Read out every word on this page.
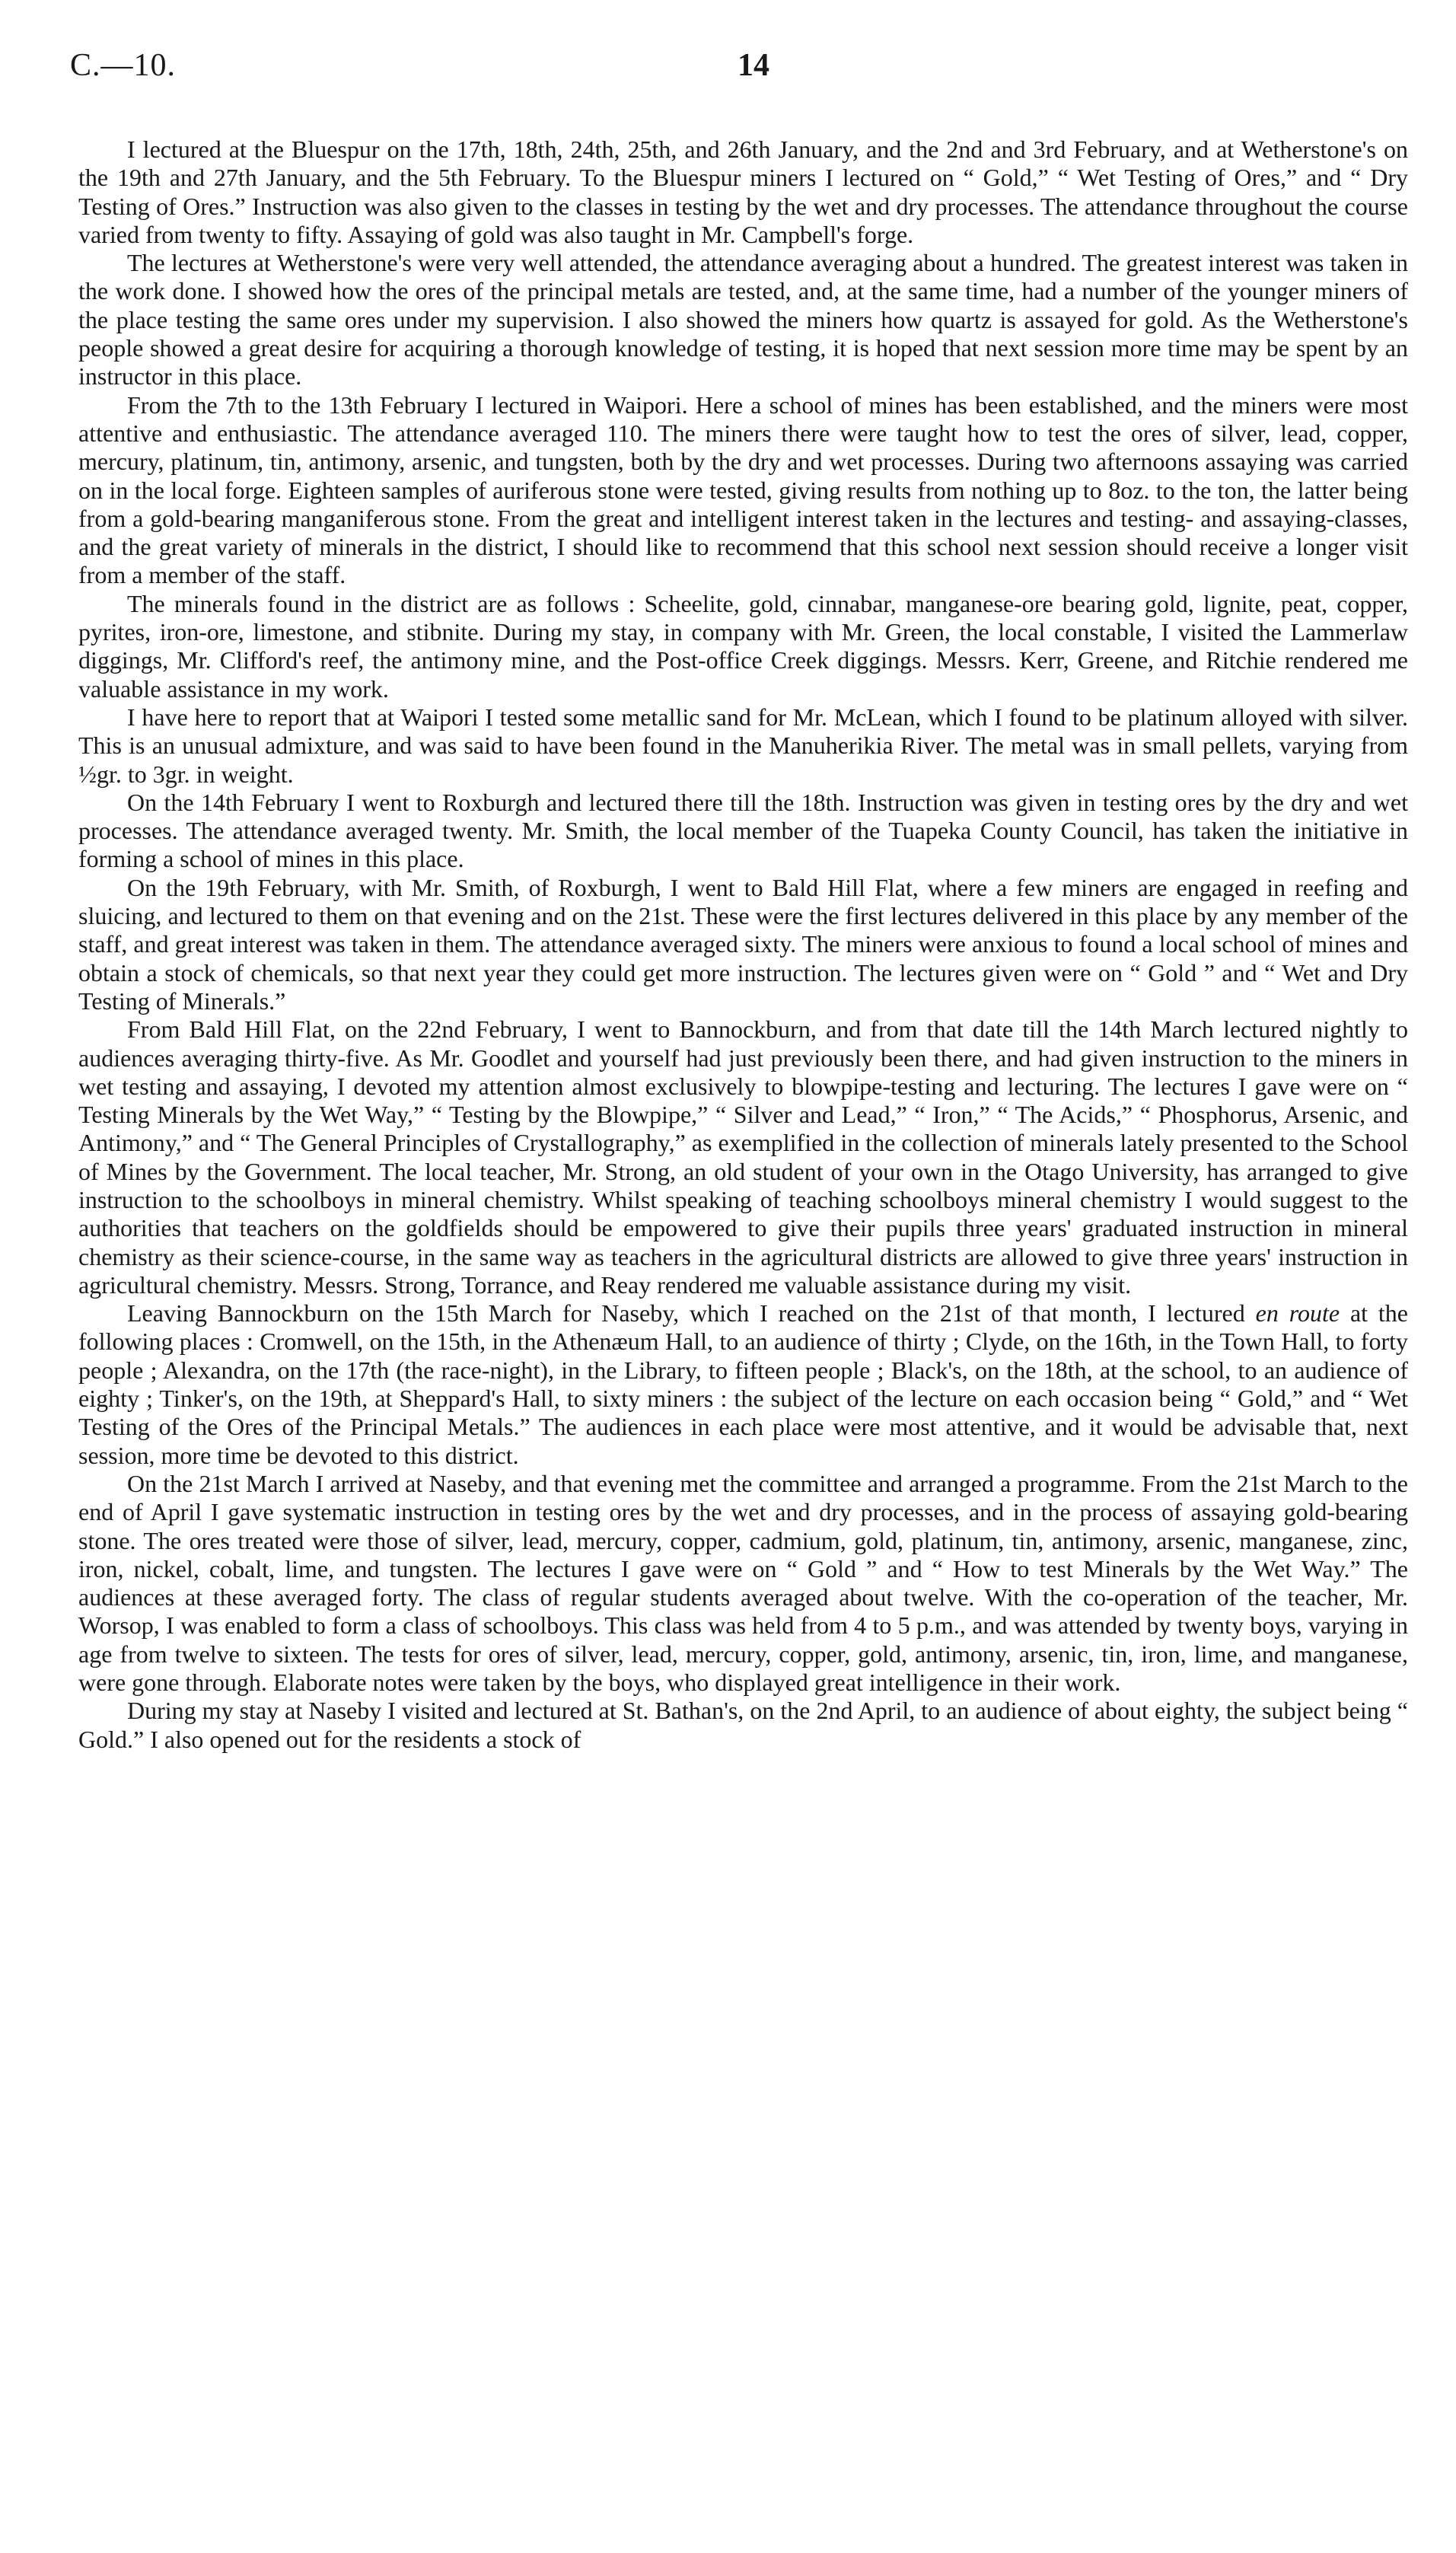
C.—10.	14

I lectured at the Bluespur on the 17th, 18th, 24th, 25th, and 26th January, and the 2nd and 3rd February, and at Wetherstone's on the 19th and 27th January, and the 5th February. To the Bluespur miners I lectured on “ Gold,” “ Wet Testing of Ores,” and “ Dry Testing of Ores.” Instruction was also given to the classes in testing by the wet and dry processes. The attendance throughout the course varied from twenty to fifty. Assaying of gold was also taught in Mr. Campbell's forge.

The lectures at Wetherstone's were very well attended, the attendance averaging about a hundred. The greatest interest was taken in the work done. I showed how the ores of the principal metals are tested, and, at the same time, had a number of the younger miners of the place testing the same ores under my supervision. I also showed the miners how quartz is assayed for gold. As the Wetherstone's people showed a great desire for acquiring a thorough knowledge of testing, it is hoped that next session more time may be spent by an instructor in this place.

From the 7th to the 13th February I lectured in Waipori. Here a school of mines has been established, and the miners were most attentive and enthusiastic. The attendance averaged 110. The miners there were taught how to test the ores of silver, lead, copper, mercury, platinum, tin, antimony, arsenic, and tungsten, both by the dry and wet processes. During two afternoons assaying was carried on in the local forge. Eighteen samples of auriferous stone were tested, giving results from nothing up to 8oz. to the ton, the latter being from a gold-bearing manganiferous stone. From the great and intelligent interest taken in the lectures and testing- and assaying-classes, and the great variety of minerals in the district, I should like to recommend that this school next session should receive a longer visit from a member of the staff.

The minerals found in the district are as follows : Scheelite, gold, cinnabar, manganese-ore bearing gold, lignite, peat, copper, pyrites, iron-ore, limestone, and stibnite. During my stay, in company with Mr. Green, the local constable, I visited the Lammerlaw diggings, Mr. Clifford's reef, the antimony mine, and the Post-office Creek diggings. Messrs. Kerr, Greene, and Ritchie rendered me valuable assistance in my work.

I have here to report that at Waipori I tested some metallic sand for Mr. McLean, which I found to be platinum alloyed with silver. This is an unusual admixture, and was said to have been found in the Manuherikia River. The metal was in small pellets, varying from ½gr. to 3gr. in weight.

On the 14th February I went to Roxburgh and lectured there till the 18th. Instruction was given in testing ores by the dry and wet processes. The attendance averaged twenty. Mr. Smith, the local member of the Tuapeka County Council, has taken the initiative in forming a school of mines in this place.

On the 19th February, with Mr. Smith, of Roxburgh, I went to Bald Hill Flat, where a few miners are engaged in reefing and sluicing, and lectured to them on that evening and on the 21st. These were the first lectures delivered in this place by any member of the staff, and great interest was taken in them. The attendance averaged sixty. The miners were anxious to found a local school of mines and obtain a stock of chemicals, so that next year they could get more instruction. The lectures given were on “ Gold ” and “ Wet and Dry Testing of Minerals.”

From Bald Hill Flat, on the 22nd February, I went to Bannockburn, and from that date till the 14th March lectured nightly to audiences averaging thirty-five. As Mr. Goodlet and yourself had just previously been there, and had given instruction to the miners in wet testing and assaying, I devoted my attention almost exclusively to blowpipe-testing and lecturing. The lectures I gave were on “ Testing Minerals by the Wet Way,” “ Testing by the Blowpipe,” “ Silver and Lead,” “ Iron,” “ The Acids,” “ Phosphorus, Arsenic, and Antimony,” and “ The General Principles of Crystallography,” as exemplified in the collection of minerals lately presented to the School of Mines by the Government. The local teacher, Mr. Strong, an old student of your own in the Otago University, has arranged to give instruction to the schoolboys in mineral chemistry. Whilst speaking of teaching schoolboys mineral chemistry I would suggest to the authorities that teachers on the goldfields should be empowered to give their pupils three years' graduated instruction in mineral chemistry as their science-course, in the same way as teachers in the agricultural districts are allowed to give three years' instruction in agricultural chemistry. Messrs. Strong, Torrance, and Reay rendered me valuable assistance during my visit.

Leaving Bannockburn on the 15th March for Naseby, which I reached on the 21st of that month, I lectured en route at the following places : Cromwell, on the 15th, in the Athenæum Hall, to an audience of thirty ; Clyde, on the 16th, in the Town Hall, to forty people ; Alexandra, on the 17th (the race-night), in the Library, to fifteen people ; Black's, on the 18th, at the school, to an audience of eighty ; Tinker's, on the 19th, at Sheppard's Hall, to sixty miners : the subject of the lecture on each occasion being “ Gold,” and “ Wet Testing of the Ores of the Principal Metals.” The audiences in each place were most attentive, and it would be advisable that, next session, more time be devoted to this district.

On the 21st March I arrived at Naseby, and that evening met the committee and arranged a programme. From the 21st March to the end of April I gave systematic instruction in testing ores by the wet and dry processes, and in the process of assaying gold-bearing stone. The ores treated were those of silver, lead, mercury, copper, cadmium, gold, platinum, tin, antimony, arsenic, manganese, zinc, iron, nickel, cobalt, lime, and tungsten. The lectures I gave were on “ Gold ” and “ How to test Minerals by the Wet Way.” The audiences at these averaged forty. The class of regular students averaged about twelve. With the co-operation of the teacher, Mr. Worsop, I was enabled to form a class of schoolboys. This class was held from 4 to 5 p.m., and was attended by twenty boys, varying in age from twelve to sixteen. The tests for ores of silver, lead, mercury, copper, gold, antimony, arsenic, tin, iron, lime, and manganese, were gone through. Elaborate notes were taken by the boys, who displayed great intelligence in their work.

During my stay at Naseby I visited and lectured at St. Bathan's, on the 2nd April, to an audience of about eighty, the subject being “ Gold.” I also opened out for the residents a stock of
